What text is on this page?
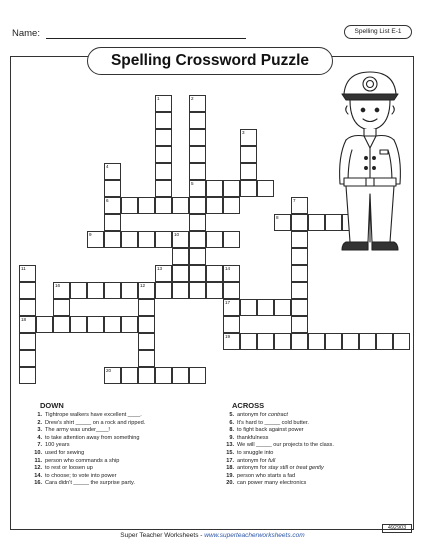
Name:	Spelling List E-1
Spelling Crossword Puzzle
1	2
5
3
4
6	7
8
9	10
11
18
12
13	14
17
16
19
20
DOWN
1. Tightrope walkers have excellent ____.
2. Drew's shirt _____ on a rock and ripped.
3. The army was under____!
4. to take attention away from something
7. 100 years
10. used for sewing
11. person who commands a ship
12. to rest or loosen up
14. to choose; to vote into power
16. Cara didn't _____ the surprise party.
ACROSS
5. antonym for contract
6. It's hard to _____ cold butter.
8. to fight back against power
9. thankfulness
13. We will _____ our projects to the class.
15. to snuggle into
17. antonym for full
18. antonym for stay still or treat gently
19. person who starts a fad
20. can power many electronics
Super Teacher Worksheets - www.superteacherworksheets.com
492903
